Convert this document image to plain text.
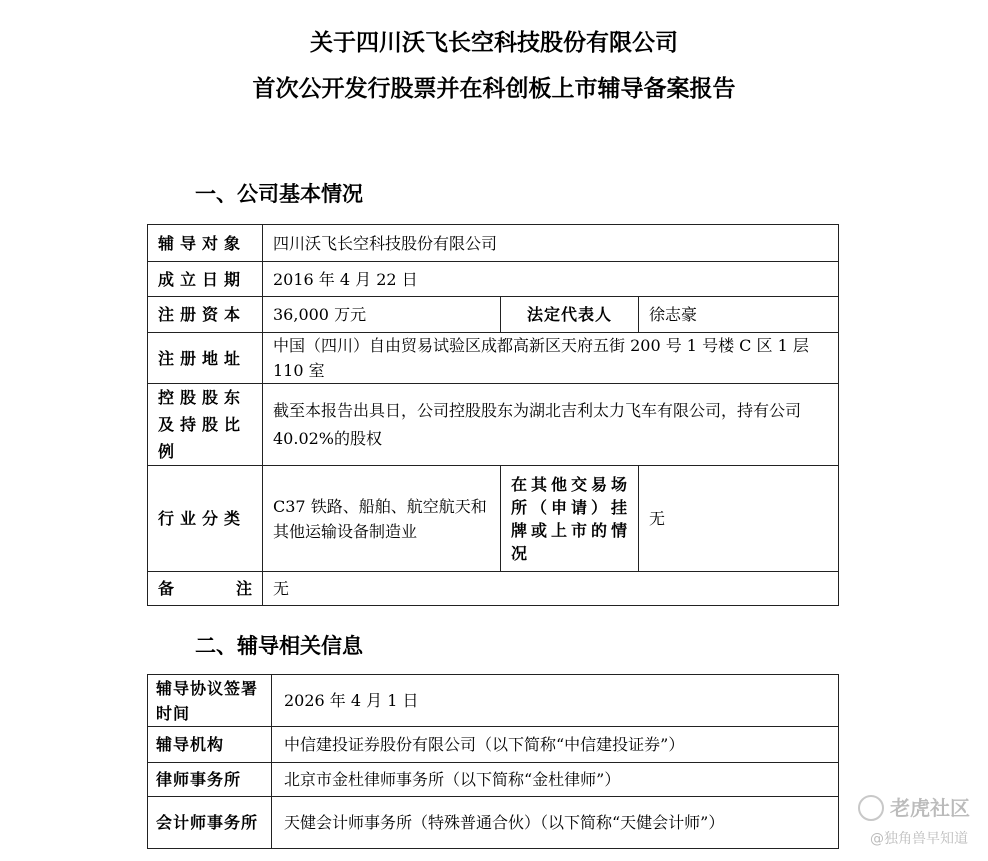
关于四川沃飞长空科技股份有限公司
首次公开发行股票并在科创板上市辅导备案报告
一、公司基本情况
辅导对象	四川沃飞长空科技股份有限公司		
成立日期	2016 年 4 月 22 日		
注册资本	36,000 万元	法定代表人	徐志豪
注册地址	中国（四川）自由贸易试验区成都高新区天府五街 200 号 1 号楼 C 区 1 层 110 室		
控股股东及持股比例	截至本报告出具日，公司控股股东为湖北吉利太力飞车有限公司，持有公司 40.02%的股权		
行业分类	C37 铁路、船舶、航空航天和其他运输设备制造业	在其他交易场所（申请）挂牌或上市的情况	无

备 注	无		
二、辅导相关信息
辅导协议签署时间	2026 年 4 月 1 日
辅导机构	中信建投证券股份有限公司（以下简称“中信建投证券”）
律师事务所	北京市金杜律师事务所（以下简称“金杜律师”）
会计师事务所	天健会计师事务所（特殊普通合伙）（以下简称“天健会计师”）
老虎社区
@独角兽早知道
